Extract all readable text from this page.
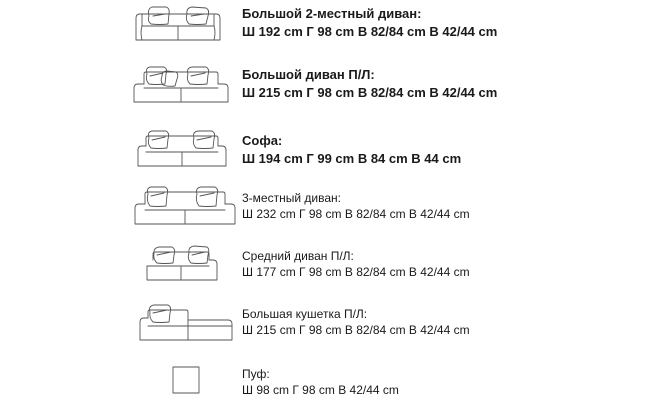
Большой 2-местный диван:
Ш 192 cm Г 98 cm В 82/84 cm В 42/44 cm
Большой диван П/Л:
Ш 215 cm Г 98 cm В 82/84 cm В 42/44 cm
Софа:
Ш 194 cm Г 99 cm В 84 cm В 44 cm
3-местный диван:
Ш 232 cm Г 98 cm В 82/84 cm В 42/44 cm
Средний диван П/Л:
Ш 177 cm Г 98 cm В 82/84 cm В 42/44 cm
Большая кушетка П/Л:
Ш 215 cm Г 98 cm В 82/84 cm В 42/44 cm
Пуф:
Ш 98 cm Г 98 cm В 42/44 cm
